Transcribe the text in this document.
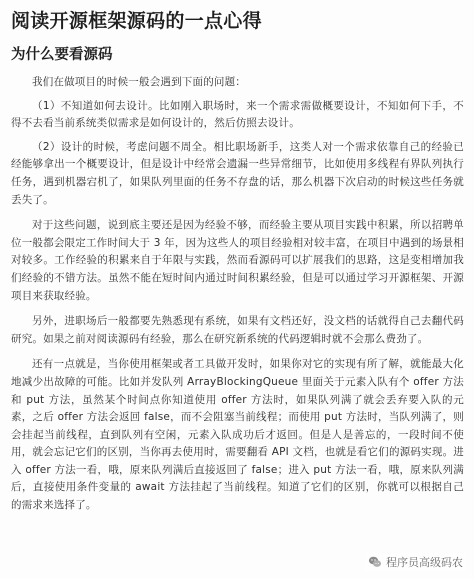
阅读开源框架源码的一点心得
为什么要看源码

我们在做项目的时候一般会遇到下面的问题：

（1）不知道如何去设计。比如刚入职场时，来一个需求需做概要设计，不知如何下手，不得不去看当前系统类似需求是如何设计的，然后仿照去设计。

（2）设计的时候，考虑问题不周全。相比职场新手，这类人对一个需求依靠自己的经验已经能够拿出一个概要设计，但是设计中经常会遗漏一些异常细节，比如使用多线程有界队列执行任务，遇到机器宕机了，如果队列里面的任务不存盘的话，那么机器下次启动的时候这些任务就丢失了。

对于这些问题，说到底主要还是因为经验不够，而经验主要从项目实践中积累，所以招聘单位一般都会限定工作时间大于 3 年，因为这些人的项目经验相对较丰富，在项目中遇到的场景相对较多。工作经验的积累来自于年限与实践，然而看源码可以扩展我们的思路，这是变相增加我们经验的不错方法。虽然不能在短时间内通过时间积累经验，但是可以通过学习开源框架、开源项目来获取经验。

另外，进职场后一般都要先熟悉现有系统，如果有文档还好，没文档的话就得自己去翻代码研究。如果之前对阅读源码有经验，那么在研究新系统的代码逻辑时就不会那么费劲了。

还有一点就是，当你使用框架或者工具做开发时，如果你对它的实现有所了解，就能最大化地减少出故障的可能。比如并发队列 ArrayBlockingQueue 里面关于元素入队有个 offer 方法和 put 方法，虽然某个时间点你知道使用 offer 方法时，如果队列满了就会丢弃要入队的元素，之后 offer 方法会返回 false，而不会阻塞当前线程；而使用 put 方法时，当队列满了，则会挂起当前线程，直到队列有空闲，元素入队成功后才返回。但是人是善忘的，一段时间不使用，就会忘记它们的区别，当你再去使用时，需要翻看 API 文档，也就是看它们的源码实现。进入 offer 方法一看，哦，原来队列满后直接返回了 false；进入 put 方法一看，哦，原来队列满后，直接使用条件变量的 await 方法挂起了当前线程。知道了它们的区别，你就可以根据自己的需求来选择了。

程序员高级码农
